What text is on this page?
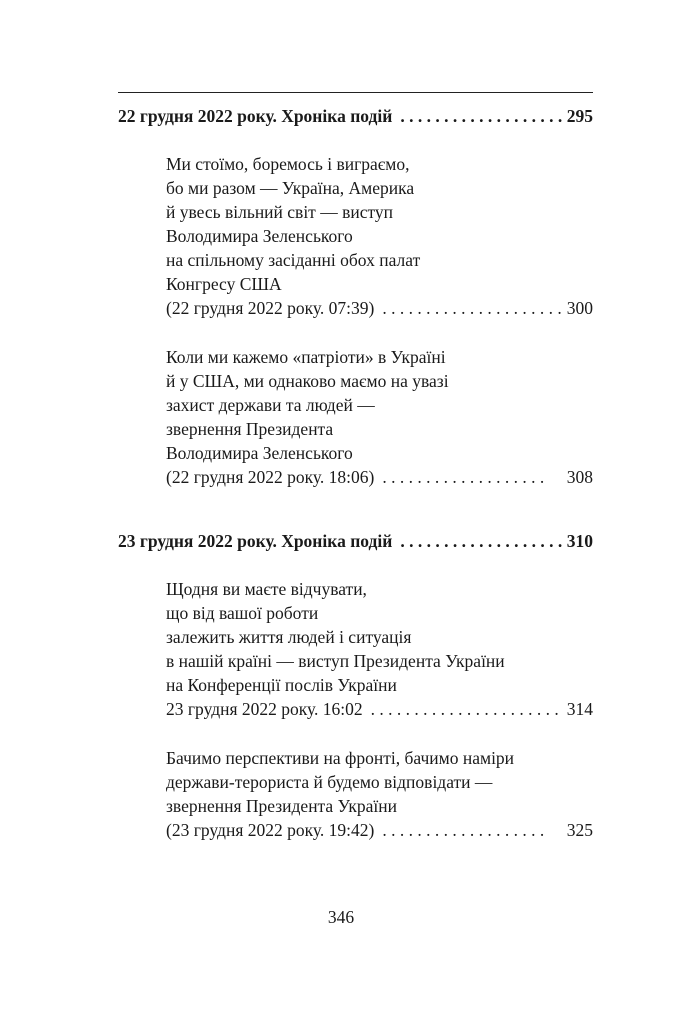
22 грудня 2022 року. Хроніка подій . . .	295
Ми стоїмо, боремось і виграємо,
бо ми разом — Україна, Америка
й увесь вільний світ — виступ
Володимира Зеленського
на спільному засіданні обох палат
Конгресу США
(22 грудня 2022 року. 07:39) . . .	300
Коли ми кажемо «патріоти» в Україні
й у США, ми однаково маємо на увазі
захист держави та людей —
звернення Президента
Володимира Зеленського
(22 грудня 2022 року. 18:06) . . .	308
23 грудня 2022 року. Хроніка подій . . .	310
Щодня ви маєте відчувати,
що від вашої роботи
залежить життя людей і ситуація
в нашій країні — виступ Президента України
на Конференції послів України
23 грудня 2022 року. 16:02 . . .	314
Бачимо перспективи на фронті, бачимо наміри
держави-терориста й будемо відповідати —
звернення Президента України
(23 грудня 2022 року. 19:42) . . .	325
346
